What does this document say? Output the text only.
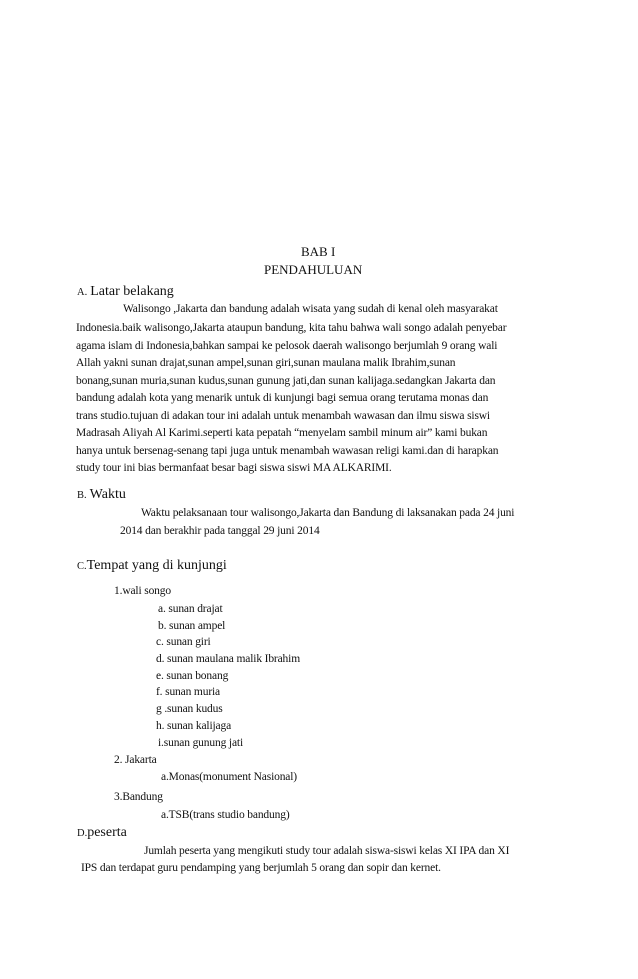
BAB I
PENDAHULUAN
A. Latar belakang
Walisongo ,Jakarta dan bandung adalah wisata yang sudah di kenal oleh masyarakat
Indonesia.baik walisongo,Jakarta ataupun bandung, kita tahu bahwa wali songo adalah penyebar
agama islam di Indonesia,bahkan sampai ke pelosok daerah walisongo berjumlah 9 orang wali
Allah yakni sunan drajat,sunan ampel,sunan giri,sunan maulana malik Ibrahim,sunan
bonang,sunan muria,sunan kudus,sunan gunung jati,dan sunan kalijaga.sedangkan Jakarta dan
bandung adalah kota yang menarik untuk di kunjungi bagi semua orang terutama monas dan
trans studio.tujuan di adakan tour ini adalah untuk menambah wawasan dan ilmu siswa siswi
Madrasah Aliyah Al Karimi.seperti kata pepatah “menyelam sambil minum air” kami bukan
hanya untuk bersenag-senang tapi juga untuk menambah wawasan religi kami.dan di harapkan
study tour ini bias bermanfaat besar bagi siswa siswi MA ALKARIMI.
B. Waktu
Waktu pelaksanaan tour walisongo,Jakarta dan Bandung di laksanakan pada 24 juni
2014 dan berakhir pada tanggal 29 juni 2014
C.Tempat yang di kunjungi
1.wali songo
a. sunan drajat
b. sunan ampel
c. sunan giri
d. sunan maulana malik Ibrahim
e. sunan bonang
f. sunan muria
g .sunan kudus
h. sunan kalijaga
i.sunan gunung jati
2. Jakarta
a.Monas(monument Nasional)
3.Bandung
a.TSB(trans studio bandung)
D.peserta
Jumlah peserta yang mengikuti study tour adalah siswa-siswi kelas XI IPA dan XI
IPS dan terdapat guru pendamping yang berjumlah 5 orang dan sopir dan kernet.
